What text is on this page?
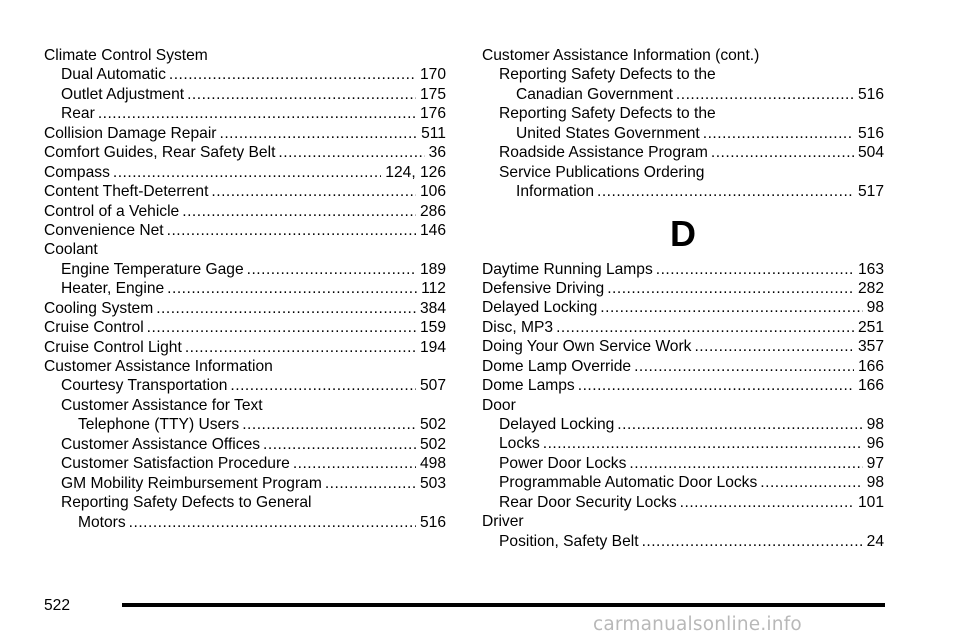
Climate Control System
Dual Automatic .....	170
Outlet Adjustment .....	175
Rear .....	176
Collision Damage Repair .....	511
Comfort Guides, Rear Safety Belt .....	36
Compass .....	124, 126
Content Theft-Deterrent .....	106
Control of a Vehicle .....	286
Convenience Net .....	146
Coolant
Engine Temperature Gage .....	189
Heater, Engine .....	112
Cooling System .....	384
Cruise Control .....	159
Cruise Control Light .....	194
Customer Assistance Information
Courtesy Transportation .....	507
Customer Assistance for Text
Telephone (TTY) Users .....	502
Customer Assistance Offices .....	502
Customer Satisfaction Procedure .....	498
GM Mobility Reimbursement Program .....	503
Reporting Safety Defects to General
Motors .....	516
Customer Assistance Information (cont.)
Reporting Safety Defects to the
Canadian Government .....	516
Reporting Safety Defects to the
United States Government .....	516
Roadside Assistance Program .....	504
Service Publications Ordering
Information .....	517
D
Daytime Running Lamps .....	163
Defensive Driving .....	282
Delayed Locking .....	98
Disc, MP3 .....	251
Doing Your Own Service Work .....	357
Dome Lamp Override .....	166
Dome Lamps .....	166
Door
Delayed Locking .....	98
Locks .....	96
Power Door Locks .....	97
Programmable Automatic Door Locks .....	98
Rear Door Security Locks .....	101
Driver
Position, Safety Belt .....	24
522
carmanualsonline.info
